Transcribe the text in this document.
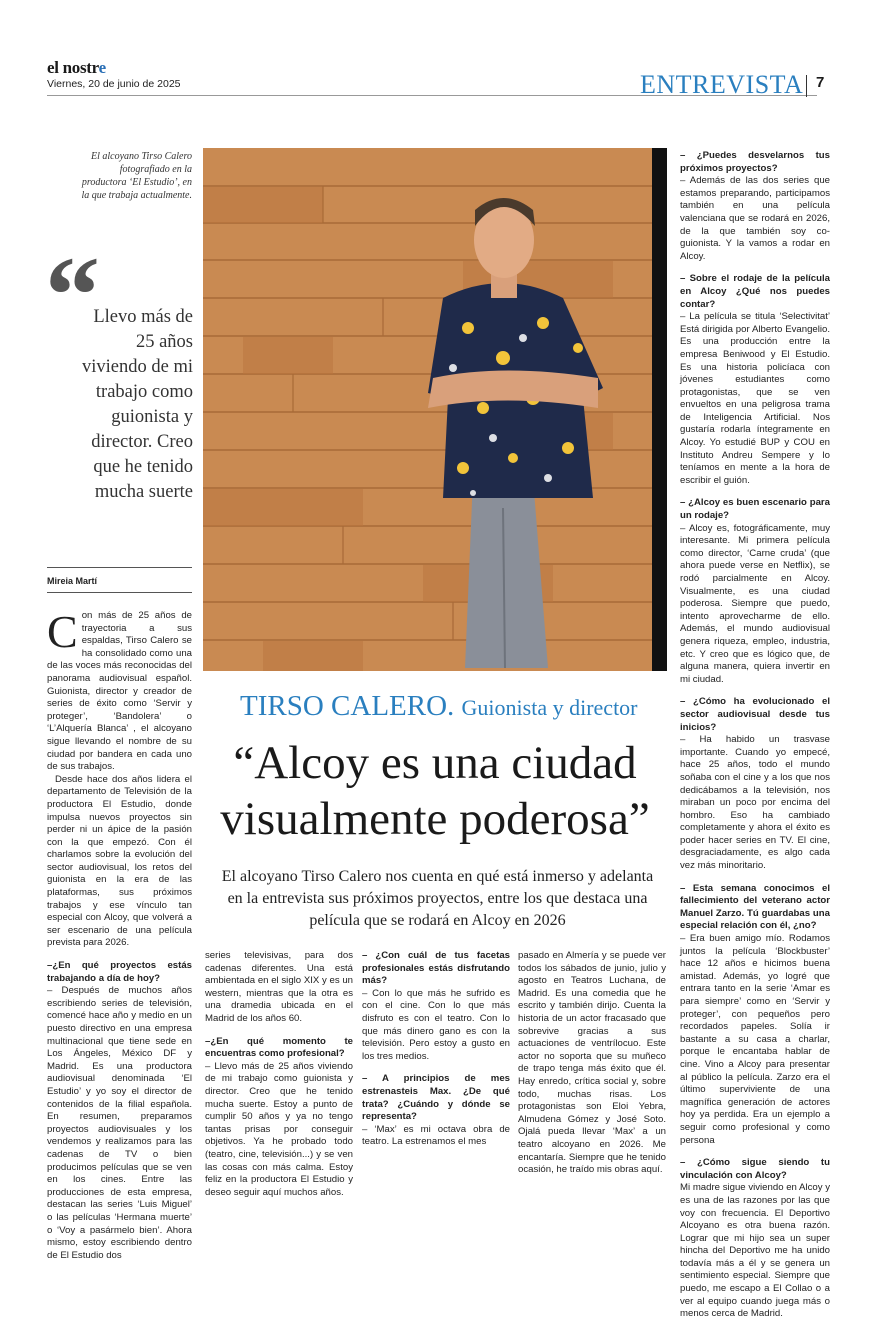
el nostre
Viernes, 20 de junio de 2025	ENTREVISTA 7
El alcoyano Tirso Calero fotografiado en la productora ‘El Estudio’, en la que trabaja actualmente.
“
Llevo más de 25 años viviendo de mi trabajo como guionista y director. Creo que he tenido mucha suerte
Mireia Martí
TIRSO CALERO. Guionista y director
“Alcoy es una ciudad visualmente poderosa”
El alcoyano Tirso Calero nos cuenta en qué está inmerso y adelanta en la entrevista sus próximos proyectos, entre los que destaca una película que se rodará en Alcoy en 2026

Con más de 25 años de trayectoria a sus espaldas, Tirso Calero se ha consolidado como una de las voces más reconocidas del panorama audiovisual español. Guionista, director y creador de series de éxito como ‘Servir y proteger’, ‘Bandolera’ o ‘L’Alquería Blanca’ , el alcoyano sigue llevando el nombre de su ciudad por bandera en cada uno de sus trabajos.

Desde hace dos años lidera el departamento de Televisión de la productora El Estudio, donde impulsa nuevos proyectos sin perder ni un ápice de la pasión con la que empezó. Con él charlamos sobre la evolución del sector audiovisual, los retos del guionista en la era de las plataformas, sus próximos trabajos y ese vínculo tan especial con Alcoy, que volverá a ser escenario de una película prevista para 2026.

–¿En qué proyectos estás trabajando a día de hoy?

– Después de muchos años escribiendo series de televisión, comencé hace año y medio en un puesto directivo en una empresa multinacional que tiene sede en Los Ángeles, México DF y Madrid. Es una productora audiovisual denominada ‘El Estudio’ y yo soy el director de contenidos de la filial española. En resumen, preparamos proyectos audiovisuales y los vendemos y realizamos para las cadenas de TV o bien producimos películas que se ven en los cines. Entre las producciones de esta empresa, destacan las series ‘Luis Miguel’ o las películas ‘Hermana muerte’ o ‘Voy a pasármelo bien’. Ahora mismo, estoy escribiendo dentro de El Estudio dos

series televisivas, para dos cadenas diferentes. Una está ambientada en el siglo XIX y es un western, mientras que la otra es una dramedia ubicada en el Madrid de los años 60.

–¿En qué momento te encuentras como profesional?

– Llevo más de 25 años viviendo de mi trabajo como guionista y director. Creo que he tenido mucha suerte. Estoy a punto de cumplir 50 años y ya no tengo tantas prisas por conseguir objetivos. Ya he probado todo (teatro, cine, televisión...) y se ven las cosas con más calma. Estoy feliz en la productora El Estudio y deseo seguir aquí muchos años.

– ¿Con cuál de tus facetas profesionales estás disfrutando más?

– Con lo que más he sufrido es con el cine. Con lo que más disfruto es con el teatro. Con lo que más dinero gano es con la televisión. Pero estoy a gusto en los tres medios.

– A principios de mes estrenasteis Max. ¿De qué trata? ¿Cuándo y dónde se representa?

– ‘Max’ es mi octava obra de teatro. La estrenamos el mes

pasado en Almería y se puede ver todos los sábados de junio, julio y agosto en Teatros Luchana, de Madrid. Es una comedia que he escrito y también dirijo. Cuenta la historia de un actor fracasado que sobrevive gracias a sus actuaciones de ventrílocuo. Este actor no soporta que su muñeco de trapo tenga más éxito que él. Hay enredo, crítica social y, sobre todo, muchas risas. Los protagonistas son Eloi Yebra, Almudena Gómez y José Soto. Ojalá pueda llevar ‘Max’ a un teatro alcoyano en 2026. Me encantaría. Siempre que he tenido ocasión, he traído mis obras aquí.

– ¿Puedes desvelarnos tus próximos proyectos?

– Además de las dos series que estamos preparando, participamos también en una película valenciana que se rodará en 2026, de la que también soy co-guionista. Y la vamos a rodar en Alcoy.

– Sobre el rodaje de la película en Alcoy ¿Qué nos puedes contar?

– La película se titula ‘Selectivitat’ Está dirigida por Alberto Evangelio. Es una producción entre la empresa Beniwood y El Estudio. Es una historia policíaca con jóvenes estudiantes como protagonistas, que se ven envueltos en una peligrosa trama de Inteligencia Artificial. Nos gustaría rodarla íntegramente en Alcoy. Yo estudié BUP y COU en Instituto Andreu Sempere y lo teníamos en mente a la hora de escribir el guión.

– ¿Alcoy es buen escenario para un rodaje?

– Alcoy es, fotográficamente, muy interesante. Mi primera película como director, ‘Carne cruda’ (que ahora puede verse en Netflix), se rodó parcialmente en Alcoy. Visualmente, es una ciudad poderosa. Siempre que puedo, intento aprovecharme de ello. Además, el mundo audiovisual genera riqueza, empleo, industria, etc. Y creo que es lógico que, de alguna manera, quiera invertir en mi ciudad.

– ¿Cómo ha evolucionado el sector audiovisual desde tus inicios?

– Ha habido un trasvase importante. Cuando yo empecé, hace 25 años, todo el mundo soñaba con el cine y a los que nos dedicábamos a la televisión, nos miraban un poco por encima del hombro. Eso ha cambiado completamente y ahora el éxito es poder hacer series en TV. El cine, desgraciadamente, es algo cada vez más minoritario.

– Esta semana conocimos el fallecimiento del veterano actor Manuel Zarzo. Tú guardabas una especial relación con él, ¿no?

– Era buen amigo mío. Rodamos juntos la película ‘Blockbuster’ hace 12 años e hicimos buena amistad. Además, yo logré que entrara tanto en la serie ‘Amar es para siempre’ como en ‘Servir y proteger’, con pequeños pero recordados papeles. Solía ir bastante a su casa a charlar, porque le encantaba hablar de cine. Vino a Alcoy para presentar al público la película. Zarzo era el último superviviente de una magnífica generación de actores hoy ya perdida. Era un ejemplo a seguir como profesional y como persona

– ¿Cómo sigue siendo tu vinculación con Alcoy?

Mi madre sigue viviendo en Alcoy y es una de las razones por las que voy con frecuencia. El Deportivo Alcoyano es otra buena razón. Lograr que mi hijo sea un super hincha del Deportivo me ha unido todavía más a él y se genera un sentimiento especial. Siempre que puedo, me escapo a El Collao o a ver al equipo cuando juega más o menos cerca de Madrid.
